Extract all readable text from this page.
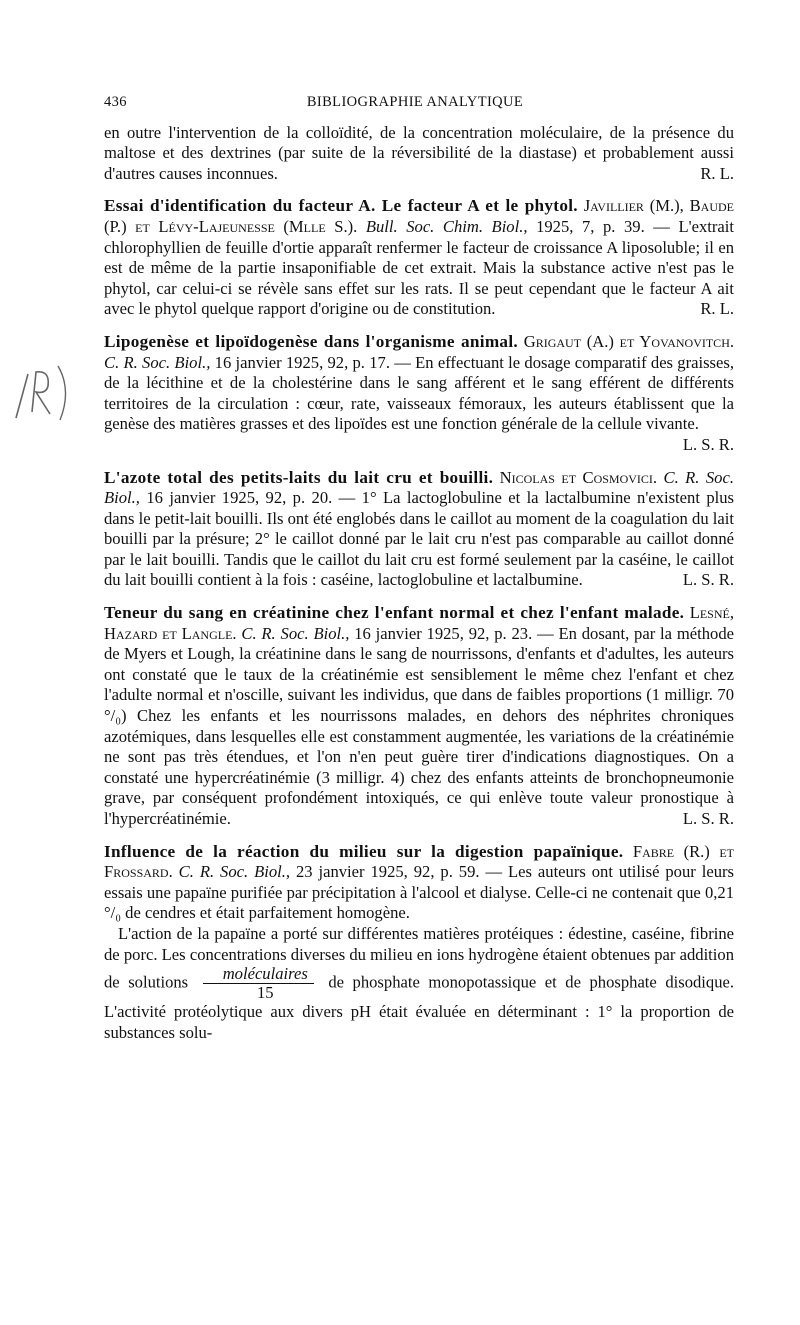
436	BIBLIOGRAPHIE ANALYTIQUE

en outre l'intervention de la colloïdité, de la concentration moléculaire, de la présence du maltose et des dextrines (par suite de la réversibilité de la diastase) et probablement aussi d'autres causes inconnues.	R. L.

Essai d'identification du facteur A. Le facteur A et le phytol. Javillier (M.), Baude (P.) et Lévy-Lajeunesse (Mlle S.). Bull. Soc. Chim. Biol., 1925, 7, p. 39. — L'extrait chlorophyllien de feuille d'ortie apparaît renfermer le facteur de croissance A liposoluble; il en est de même de la partie insaponifiable de cet extrait. Mais la substance active n'est pas le phytol, car celui-ci se révèle sans effet sur les rats. Il se peut cependant que le facteur A ait avec le phytol quelque rapport d'origine ou de constitution.	R. L.

Lipogenèse et lipoïdogenèse dans l'organisme animal. Grigaut (A.) et Yovanovitch. C. R. Soc. Biol., 16 janvier 1925, 92, p. 17. — En effectuant le dosage comparatif des graisses, de la lécithine et de la cholestérine dans le sang afférent et le sang efférent de différents territoires de la circulation : cœur, rate, vaisseaux fémoraux, les auteurs établissent que la genèse des matières grasses et des lipoïdes est une fonction générale de la cellule vivante.
L. S. R.

L'azote total des petits-laits du lait cru et bouilli. Nicolas et Cosmovici. C. R. Soc. Biol., 16 janvier 1925, 92, p. 20. — 1° La lactoglobuline et la lactalbumine n'existent plus dans le petit-lait bouilli. Ils ont été englobés dans le caillot au moment de la coagulation du lait bouilli par la présure; 2° le caillot donné par le lait cru n'est pas comparable au caillot donné par le lait bouilli. Tandis que le caillot du lait cru est formé seulement par la caséine, le caillot du lait bouilli contient à la fois : caséine, lactoglobuline et lactalbumine.	L. S. R.

Teneur du sang en créatinine chez l'enfant normal et chez l'enfant malade. Lesné, Hazard et Langle. C. R. Soc. Biol., 16 janvier 1925, 92, p. 23. — En dosant, par la méthode de Myers et Lough, la créatinine dans le sang de nourrissons, d'enfants et d'adultes, les auteurs ont constaté que le taux de la créatinémie est sensiblement le même chez l'enfant et chez l'adulte normal et n'oscille, suivant les individus, que dans de faibles proportions (1 milligr. 70 °/₀) Chez les enfants et les nourrissons malades, en dehors des néphrites chroniques azotémiques, dans lesquelles elle est constamment augmentée, les variations de la créatinémie ne sont pas très étendues, et l'on n'en peut guère tirer d'indications diagnostiques. On a constaté une hypercréatinémie (3 milligr. 4) chez des enfants atteints de bronchopneumonie grave, par conséquent profondément intoxiqués, ce qui enlève toute valeur pronostique à l'hypercréatinémie.	L. S. R.

Influence de la réaction du milieu sur la digestion papaïnique. Fabre (R.) et Frossard. C. R. Soc. Biol., 23 janvier 1925, 92, p. 59. — Les auteurs ont utilisé pour leurs essais une papaïne purifiée par précipitation à l'alcool et dialyse. Celle-ci ne contenait que 0,21 °/₀ de cendres et était parfaitement homogène.

L'action de la papaïne a porté sur différentes matières protéiques : édestine, caséine, fibrine de porc. Les concentrations diverses du milieu en ions hydrogène étaient obtenues par addition de solutions $\frac{\text{moléculaires}}{15}$ de phosphate monopotassique et de phosphate disodique. L'activité protéolytique aux divers pH était évaluée en déterminant : 1° la proportion de substances solu-
